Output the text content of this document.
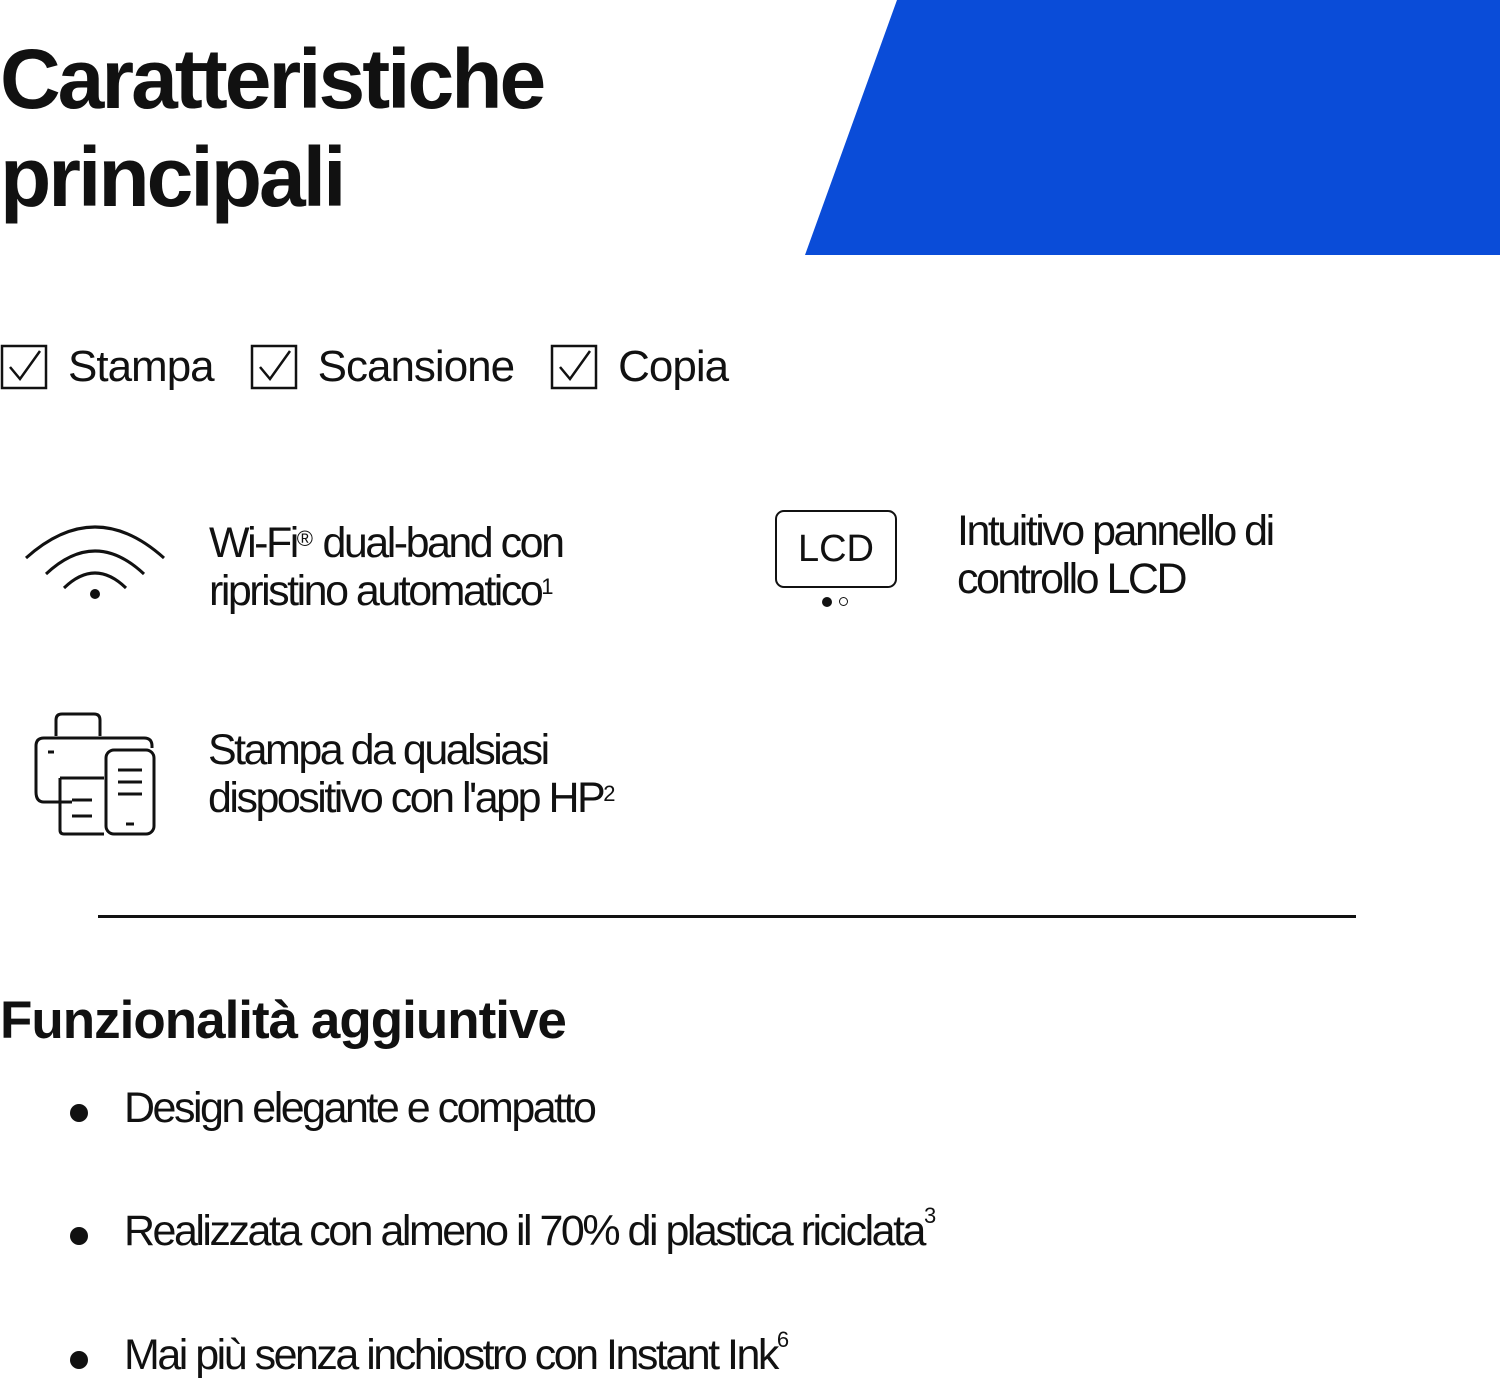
Caratteristiche
principali
Stampa Scansione Copia
Wi-Fi® dual-band con
ripristino automatico$^1$
LCD	Intuitivo pannello di
controllo LCD
Stampa da qualsiasi
dispositivo con l'app $HP^2$
Funzionalità aggiuntive
Design elegante e compatto
Realizzata con almeno il 70% di plastica riciclata$^3$
Mai più senza inchiostro con Instant Ink$^6$
